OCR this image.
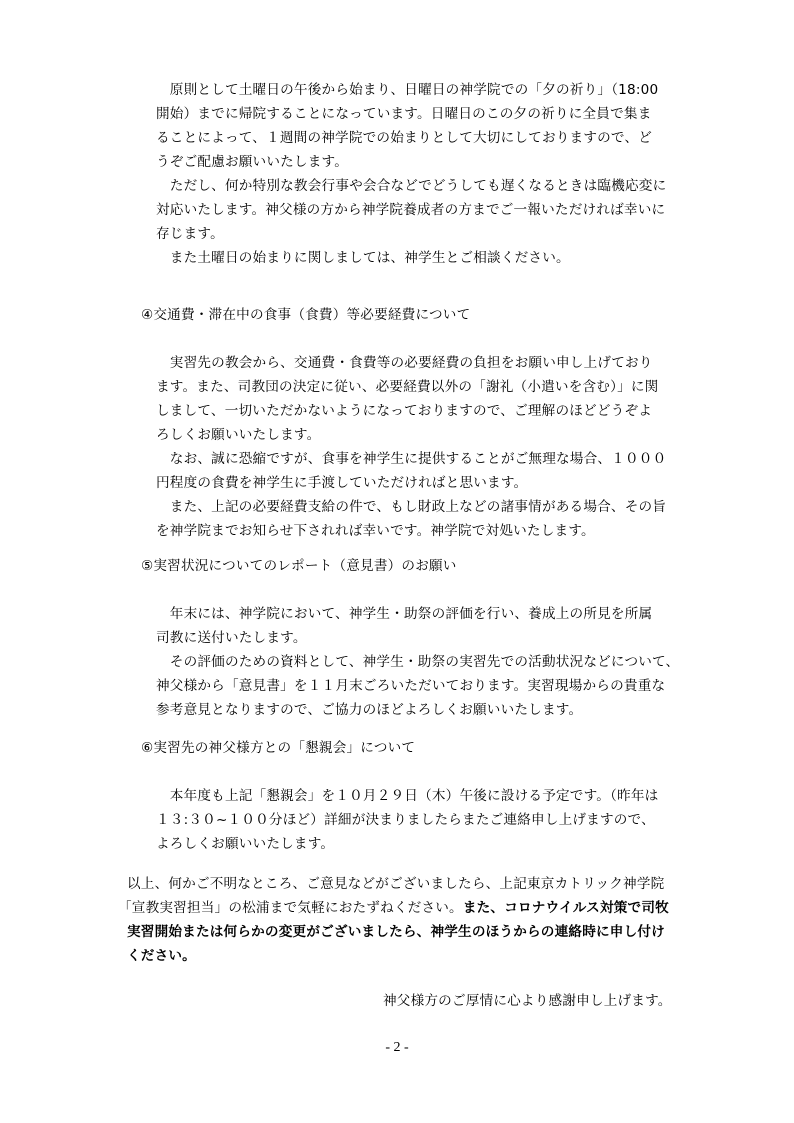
　原則として土曜日の午後から始まり、日曜日の神学院での「夕の祈り」（18:00
開始）までに帰院することになっています。日曜日のこの夕の祈りに全員で集ま
ることによって、１週間の神学院での始まりとして大切にしておりますので、ど
うぞご配慮お願いいたします。
　ただし、何か特別な教会行事や会合などでどうしても遅くなるときは臨機応変に
対応いたします。神父様の方から神学院養成者の方までご一報いただければ幸いに
存じます。
　また土曜日の始まりに関しましては、神学生とご相談ください。
④交通費・滞在中の食事（食費）等必要経費について
　実習先の教会から、交通費・食費等の必要経費の負担をお願い申し上げており
ます。また、司教団の決定に従い、必要経費以外の「謝礼（小遣いを含む）」に関
しまして、一切いただかないようになっておりますので、ご理解のほどどうぞよ
ろしくお願いいたします。
　なお、誠に恐縮ですが、食事を神学生に提供することがご無理な場合、１０００
円程度の食費を神学生に手渡していただければと思います。
　また、上記の必要経費支給の件で、もし財政上などの諸事情がある場合、その旨
を神学院までお知らせ下されれば幸いです。神学院で対処いたします。
⑤実習状況についてのレポート（意見書）のお願い
　年末には、神学院において、神学生・助祭の評価を行い、養成上の所見を所属
司教に送付いたします。
　その評価のための資料として、神学生・助祭の実習先での活動状況などについて、
神父様から「意見書」を１１月末ごろいただいております。実習現場からの貴重な
参考意見となりますので、ご協力のほどよろしくお願いいたします。
⑥実習先の神父様方との「懇親会」について
　本年度も上記「懇親会」を１０月２９日（木）午後に設ける予定です。（昨年は
１３:３０~１００分ほど）詳細が決まりましたらまたご連絡申し上げますので、
よろしくお願いいたします。
以上、何かご不明なところ、ご意見などがございましたら、上記東京カトリック神学院
「宣教実習担当」の松浦まで気軽におたずねください。また、コロナウイルス対策で司牧
実習開始または何らかの変更がございましたら、神学生のほうからの連絡時に申し付け
ください。
神父様方のご厚情に心より感謝申し上げます。
- 2 -
